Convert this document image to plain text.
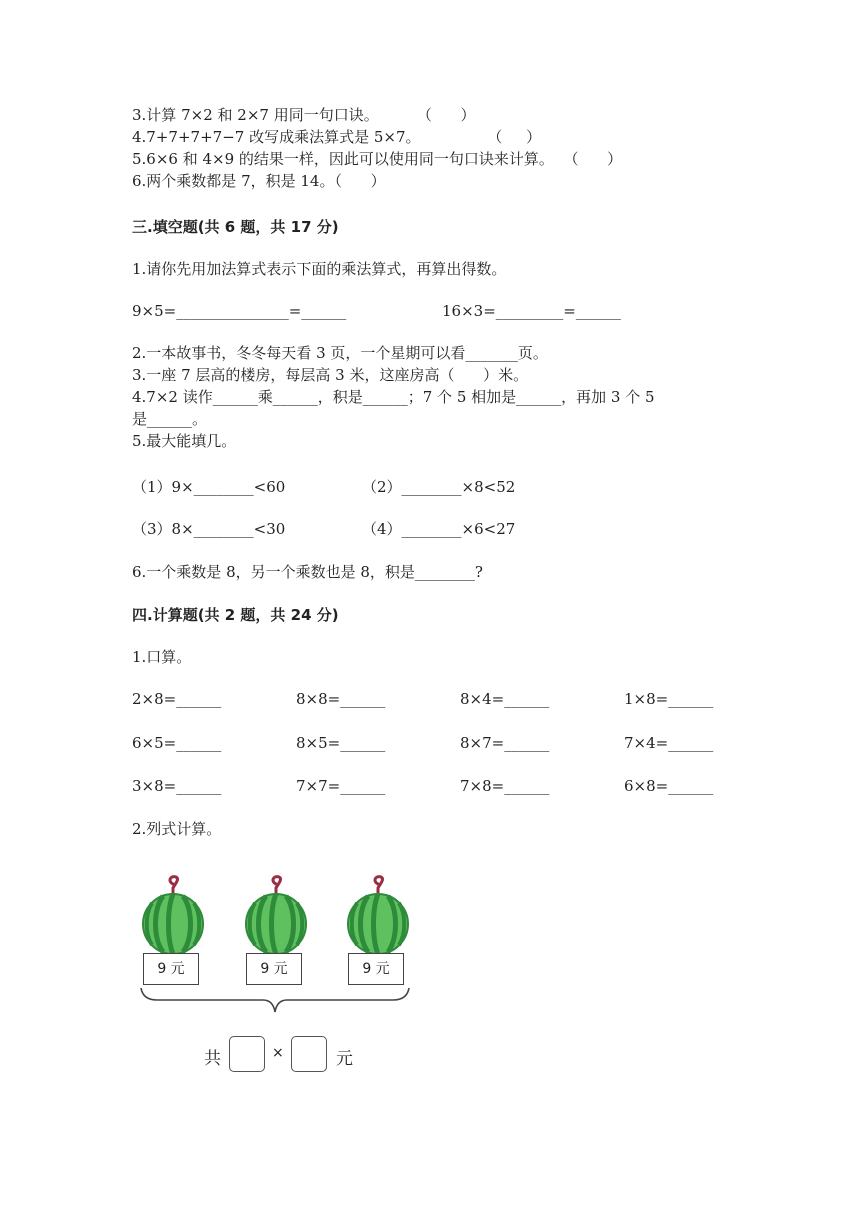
3.计算 7×2 和 2×7 用同一句口诀。        （      ）
4.7+7+7+7−7 改写成乘法算式是 5×7。              （     ）
5.6×6 和 4×9 的结果一样，因此可以使用同一句口诀来计算。  （      ）
6.两个乘数都是 7，积是 14。（      ）
三.填空题(共 6 题，共 17 分)
1.请你先用加法算式表示下面的乘法算式，再算出得数。
9×5=_______________=______	16×3=_________=______
2.一本故事书，冬冬每天看 3 页，一个星期可以看_______页。
3.一座 7 层高的楼房，每层高 3 米，这座房高（      ）米。
4.7×2 读作______乘______，积是______；7 个 5 相加是______，再加 3 个 5
是______。
5.最大能填几。
（1）9×________<60	（2）________×8<52
（3）8×________<30	（4）________×6<27
6.一个乘数是 8，另一个乘数也是 8，积是________?
四.计算题(共 2 题，共 24 分)
1.口算。
2×8=______	8×8=______	8×4=______	1×8=______
6×5=______	8×5=______	8×7=______	7×4=______
3×8=______	7×7=______	7×8=______	6×8=______
2.列式计算。
9 元	9 元	9 元
共	×	元
